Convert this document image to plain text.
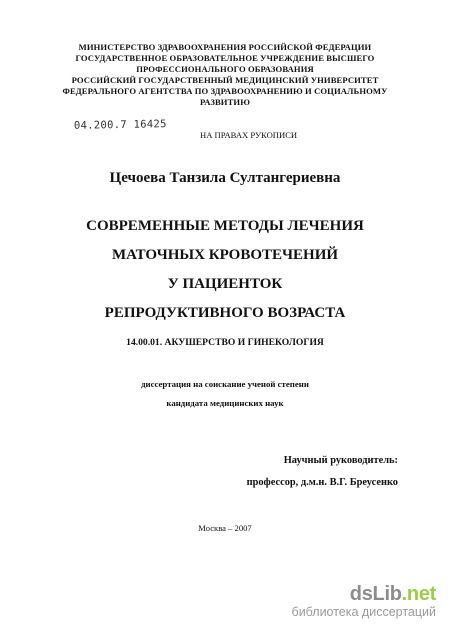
МИНИСТЕРСТВО ЗДРАВООХРАНЕНИЯ РОССИЙСКОЙ ФЕДЕРАЦИИ
ГОСУДАРСТВЕННОЕ ОБРАЗОВАТЕЛЬНОЕ УЧРЕЖДЕНИЕ ВЫСШЕГО
ПРОФЕССИОНАЛЬНОГО ОБРАЗОВАНИЯ
РОССИЙСКИЙ ГОСУДАРСТВЕННЫЙ МЕДИЦИНСКИЙ УНИВЕРСИТЕТ
ФЕДЕРАЛЬНОГО АГЕНТСТВА ПО ЗДРАВООХРАНЕНИЮ И СОЦИАЛЬНОМУ
РАЗВИТИЮ
04.200.7 16425
НА ПРАВАХ РУКОПИСИ
Цечоева Танзила Султангериевна
СОВРЕМЕННЫЕ МЕТОДЫ ЛЕЧЕНИЯ
МАТОЧНЫХ КРОВОТЕЧЕНИЙ
У ПАЦИЕНТОК
РЕПРОДУКТИВНОГО ВОЗРАСТА
14.00.01. АКУШЕРСТВО И ГИНЕКОЛОГИЯ
диссертация на соискание ученой степени
кандидата медицинских наук
Научный руководитель:
профессор, д.м.н. В.Г. Бреусенко
Москва – 2007
dsLib.net
библиотека диссертаций
